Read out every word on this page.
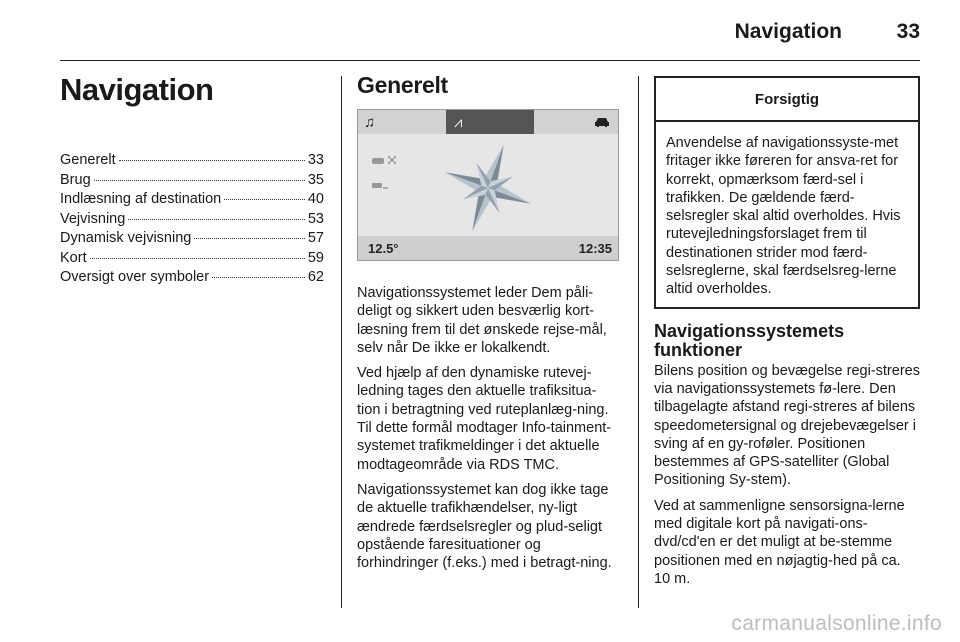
Navigation	33
Navigation
Generelt	33
Brug	35
Indlæsning af destination	40
Vejvisning	53
Dynamisk vejvisning	57
Kort	59
Oversigt over symboler	62
Generelt
♫	⩘

12.5°	12:35

Navigationssystemet leder Dem påli-deligt og sikkert uden besværlig kort-læsning frem til det ønskede rejse-mål, selv når De ikke er lokalkendt.

Ved hjælp af den dynamiske rutevej-ledning tages den aktuelle trafiksitua-tion i betragtning ved ruteplanlæg-ning. Til dette formål modtager Info-tainment-systemet trafikmeldinger i det aktuelle modtageområde via RDS TMC.

Navigationssystemet kan dog ikke tage de aktuelle trafikhændelser, ny-ligt ændrede færdselsregler og plud-seligt opstående faresituationer og forhindringer (f.eks.) med i betragt-ning.

Forsigtig
Anvendelse af navigationssyste-met fritager ikke føreren for ansva-ret for korrekt, opmærksom færd-sel i trafikken. De gældende færd-selsregler skal altid overholdes. Hvis rutevejledningsforslaget frem til destinationen strider mod færd-selsreglerne, skal færdselsreg-lerne altid overholdes.
Navigationssystemets funktioner

Bilens position og bevægelse regi-streres via navigationssystemets fø-lere. Den tilbagelagte afstand regi-streres af bilens speedometersignal og drejebevægelser i sving af en gy-roføler. Positionen bestemmes af GPS-satelliter (Global Positioning Sy-stem).

Ved at sammenligne sensorsigna-lerne med digitale kort på navigati-ons-dvd/cd'en er det muligt at be-stemme positionen med en nøjagtig-hed på ca. 10 m.

carmanualsonline.info
